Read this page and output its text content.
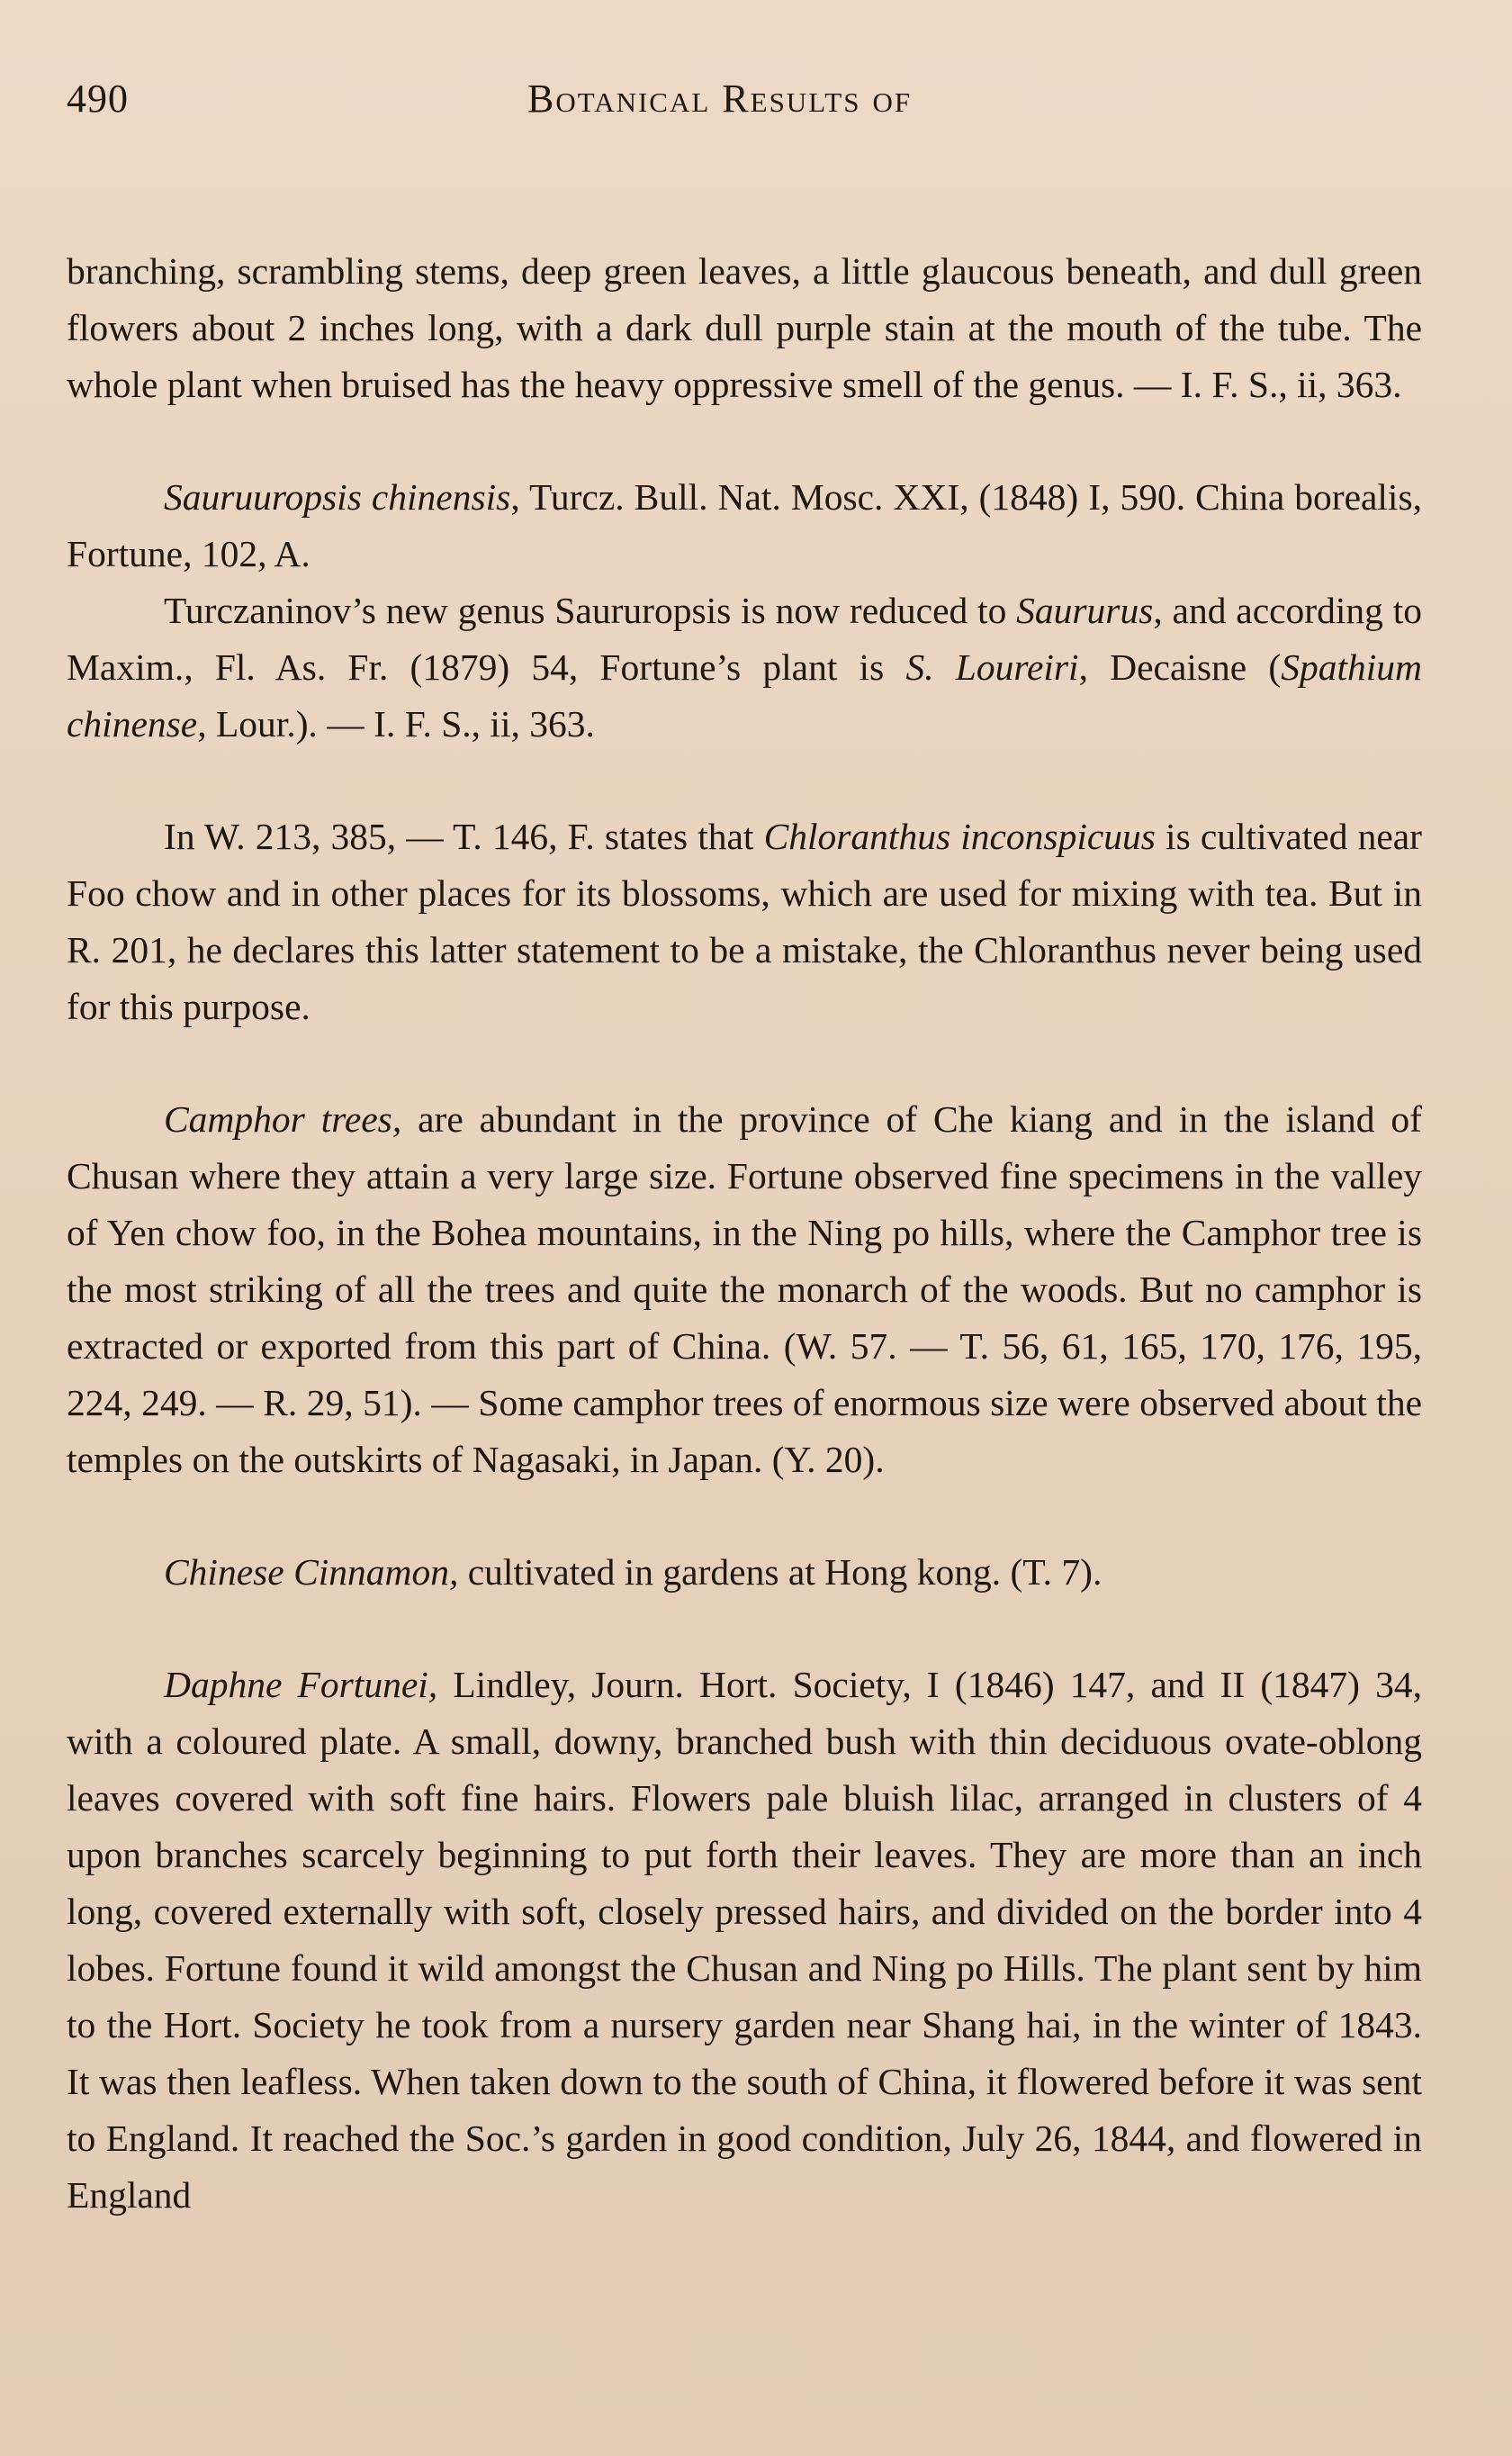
490	Botanical Results of

branching, scrambling stems, deep green leaves, a little glaucous beneath, and dull green flowers about 2 inches long, with a dark dull purple stain at the mouth of the tube. The whole plant when bruised has the heavy oppressive smell of the genus. — I. F. S., ii, 363.

Sauruuropsis chinensis, Turcz. Bull. Nat. Mosc. XXI, (1848) I, 590. China borealis, Fortune, 102, A.

Turczaninov’s new genus Saururopsis is now reduced to Saururus, and according to Maxim., Fl. As. Fr. (1879) 54, Fortune’s plant is S. Loureiri, Decaisne (Spathium chinense, Lour.). — I. F. S., ii, 363.

In W. 213, 385, — T. 146, F. states that Chloranthus inconspicuus is cultivated near Foo chow and in other places for its blossoms, which are used for mixing with tea. But in R. 201, he declares this latter statement to be a mistake, the Chloranthus never being used for this purpose.

Camphor trees, are abundant in the province of Che kiang and in the island of Chusan where they attain a very large size. Fortune observed fine specimens in the valley of Yen chow foo, in the Bohea mountains, in the Ning po hills, where the Camphor tree is the most striking of all the trees and quite the monarch of the woods. But no camphor is extracted or exported from this part of China. (W. 57. — T. 56, 61, 165, 170, 176, 195, 224, 249. — R. 29, 51). — Some camphor trees of enormous size were observed about the temples on the outskirts of Nagasaki, in Japan. (Y. 20).

Chinese Cinnamon, cultivated in gardens at Hong kong. (T. 7).

Daphne Fortunei, Lindley, Journ. Hort. Society, I (1846) 147, and II (1847) 34, with a coloured plate. A small, downy, branched bush with thin deciduous ovate-oblong leaves covered with soft fine hairs. Flowers pale bluish lilac, arranged in clusters of 4 upon branches scarcely beginning to put forth their leaves. They are more than an inch long, covered externally with soft, closely pressed hairs, and divided on the border into 4 lobes. Fortune found it wild amongst the Chusan and Ning po Hills. The plant sent by him to the Hort. Society he took from a nursery garden near Shang hai, in the winter of 1843. It was then leafless. When taken down to the south of China, it flowered before it was sent to England. It reached the Soc.’s garden in good condition, July 26, 1844, and flowered in England
